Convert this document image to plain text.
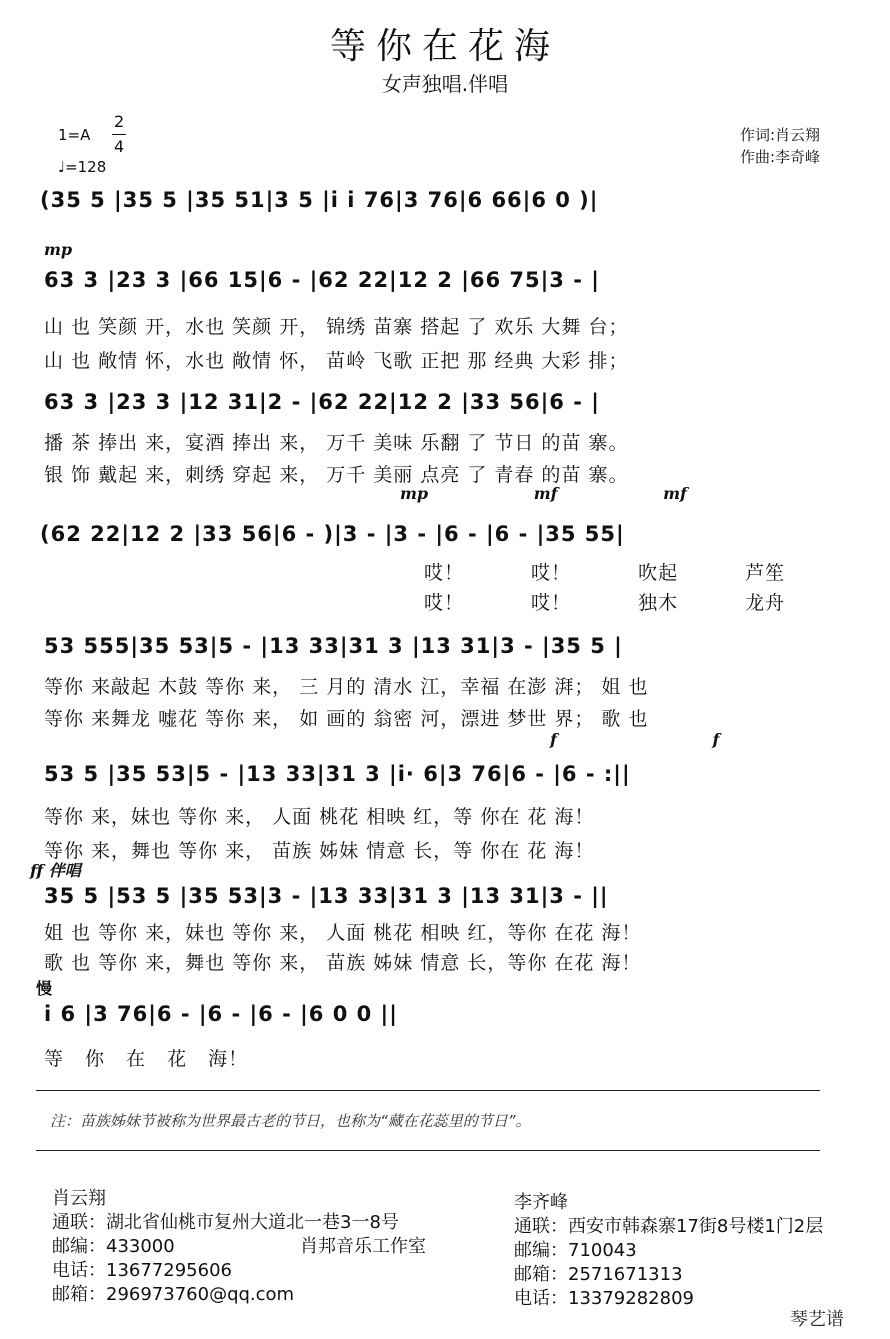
等你在花海
女声独唱.伴唱
1=A
2
4
♩=128
作词:肖云翔
作曲:李奇峰
(35 5 |35 5 |35 51|3 5 |i i 76|3 76|6 66|6 0 )|
mp
63 3 |23 3 |66 15|6 - |62 22|12 2 |66 75|3 - |
山 也 笑颜 开，水也 笑颜 开， 锦绣 苗寨 搭起 了 欢乐 大舞 台；
山 也 敞情 怀，水也 敞情 怀， 苗岭 飞歌 正把 那 经典 大彩 排；
63 3 |23 3 |12 31|2 - |62 22|12 2 |33 56|6 - |
播 茶 捧出 来，宴酒 捧出 来， 万千 美味 乐翻 了 节日 的苗 寨。
银 饰 戴起 来，刺绣 穿起 来， 万千 美丽 点亮 了 青春 的苗 寨。
mp mf mf
(62 22|12 2 |33 56|6 - )|3 - |3 - |6 - |6 - |35 55|
哎！ 哎！ 吹起 芦笙
哎！ 哎！ 独木 龙舟
53 555|35 53|5 - |13 33|31 3 |13 31|3 - |35 5 |
等你 来敲起 木鼓 等你 来， 三 月的 清水 江，幸福 在澎 湃； 姐 也
等你 来舞龙 嘘花 等你 来， 如 画的 翁密 河，漂进 梦世 界； 歌 也
f f
53 5 |35 53|5 - |13 33|31 3 |i· 6|3 76|6 - |6 - :||
等你 来，妹也 等你 来， 人面 桃花 相映 红，等 你在 花 海！
等你 来，舞也 等你 来， 苗族 姊妹 情意 长，等 你在 花 海！
ff 伴唱
35 5 |53 5 |35 53|3 - |13 33|31 3 |13 31|3 - ||
姐 也 等你 来，妹也 等你 来， 人面 桃花 相映 红，等你 在花 海！
歌 也 等你 来，舞也 等你 来， 苗族 姊妹 情意 长，等你 在花 海！
慢
i 6 |3 76|6 - |6 - |6 - |6 0 0 ||
等 你 在 花 海！
注：苗族姊妹节被称为世界最古老的节日，也称为“藏在花蕊里的节日”。
肖云翔
通联：湖北省仙桃市复州大道北一巷3一8号
邮编：433000	肖邦音乐工作室
电话：13677295606
邮箱：296973760@qq.com
李齐峰
通联：西安市韩森寨17街8号楼1门2层
邮编：710043
邮箱：2571671313
电话：13379282809
琴艺谱
